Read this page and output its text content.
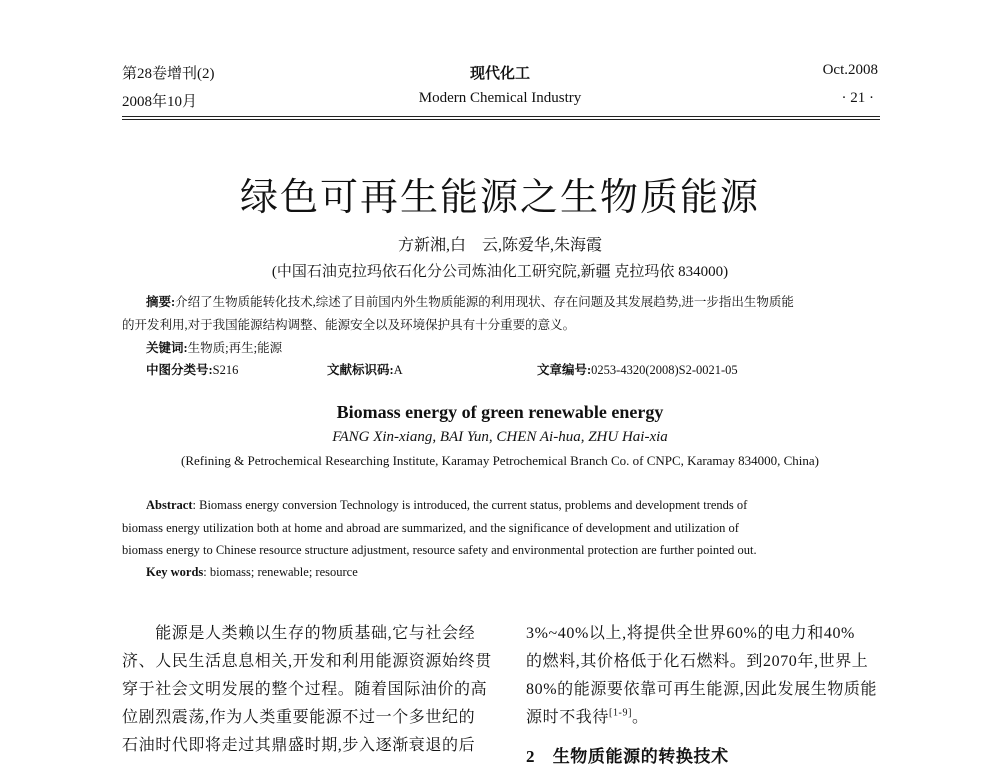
第28卷增刊(2)
2008年10月
现代化工
Modern Chemical Industry
Oct.2008
· 21 ·
绿色可再生能源之生物质能源
方新湘,白　云,陈爱华,朱海霞
(中国石油克拉玛依石化分公司炼油化工研究院,新疆 克拉玛依 834000)
摘要:介绍了生物质能转化技术,综述了目前国内外生物质能源的利用现状、存在问题及其发展趋势,进一步指出生物质能
的开发利用,对于我国能源结构调整、能源安全以及环境保护具有十分重要的意义。
关键词:生物质;再生;能源
中图分类号:S216	文献标识码:A	文章编号:0253-4320(2008)S2-0021-05
Biomass energy of green renewable energy
FANG Xin-xiang, BAI Yun, CHEN Ai-hua, ZHU Hai-xia
(Refining & Petrochemical Researching Institute, Karamay Petrochemical Branch Co. of CNPC, Karamay 834000, China)
Abstract: Biomass energy conversion Technology is introduced, the current status, problems and development trends of
biomass energy utilization both at home and abroad are summarized, and the significance of development and utilization of
biomass energy to Chinese resource structure adjustment, resource safety and environmental protection are further pointed out.
Key words: biomass; renewable; resource
　　能源是人类赖以生存的物质基础,它与社会经
济、人民生活息息相关,开发和利用能源资源始终贯
穿于社会文明发展的整个过程。随着国际油价的高
位剧烈震荡,作为人类重要能源不过一个多世纪的
石油时代即将走过其鼎盛时期,步入逐渐衰退的后
3%~40%以上,将提供全世界60%的电力和40%
的燃料,其价格低于化石燃料。到2070年,世界上
80%的能源要依靠可再生能源,因此发展生物质能
源时不我待[1-9]。
2　生物质能源的转换技术
